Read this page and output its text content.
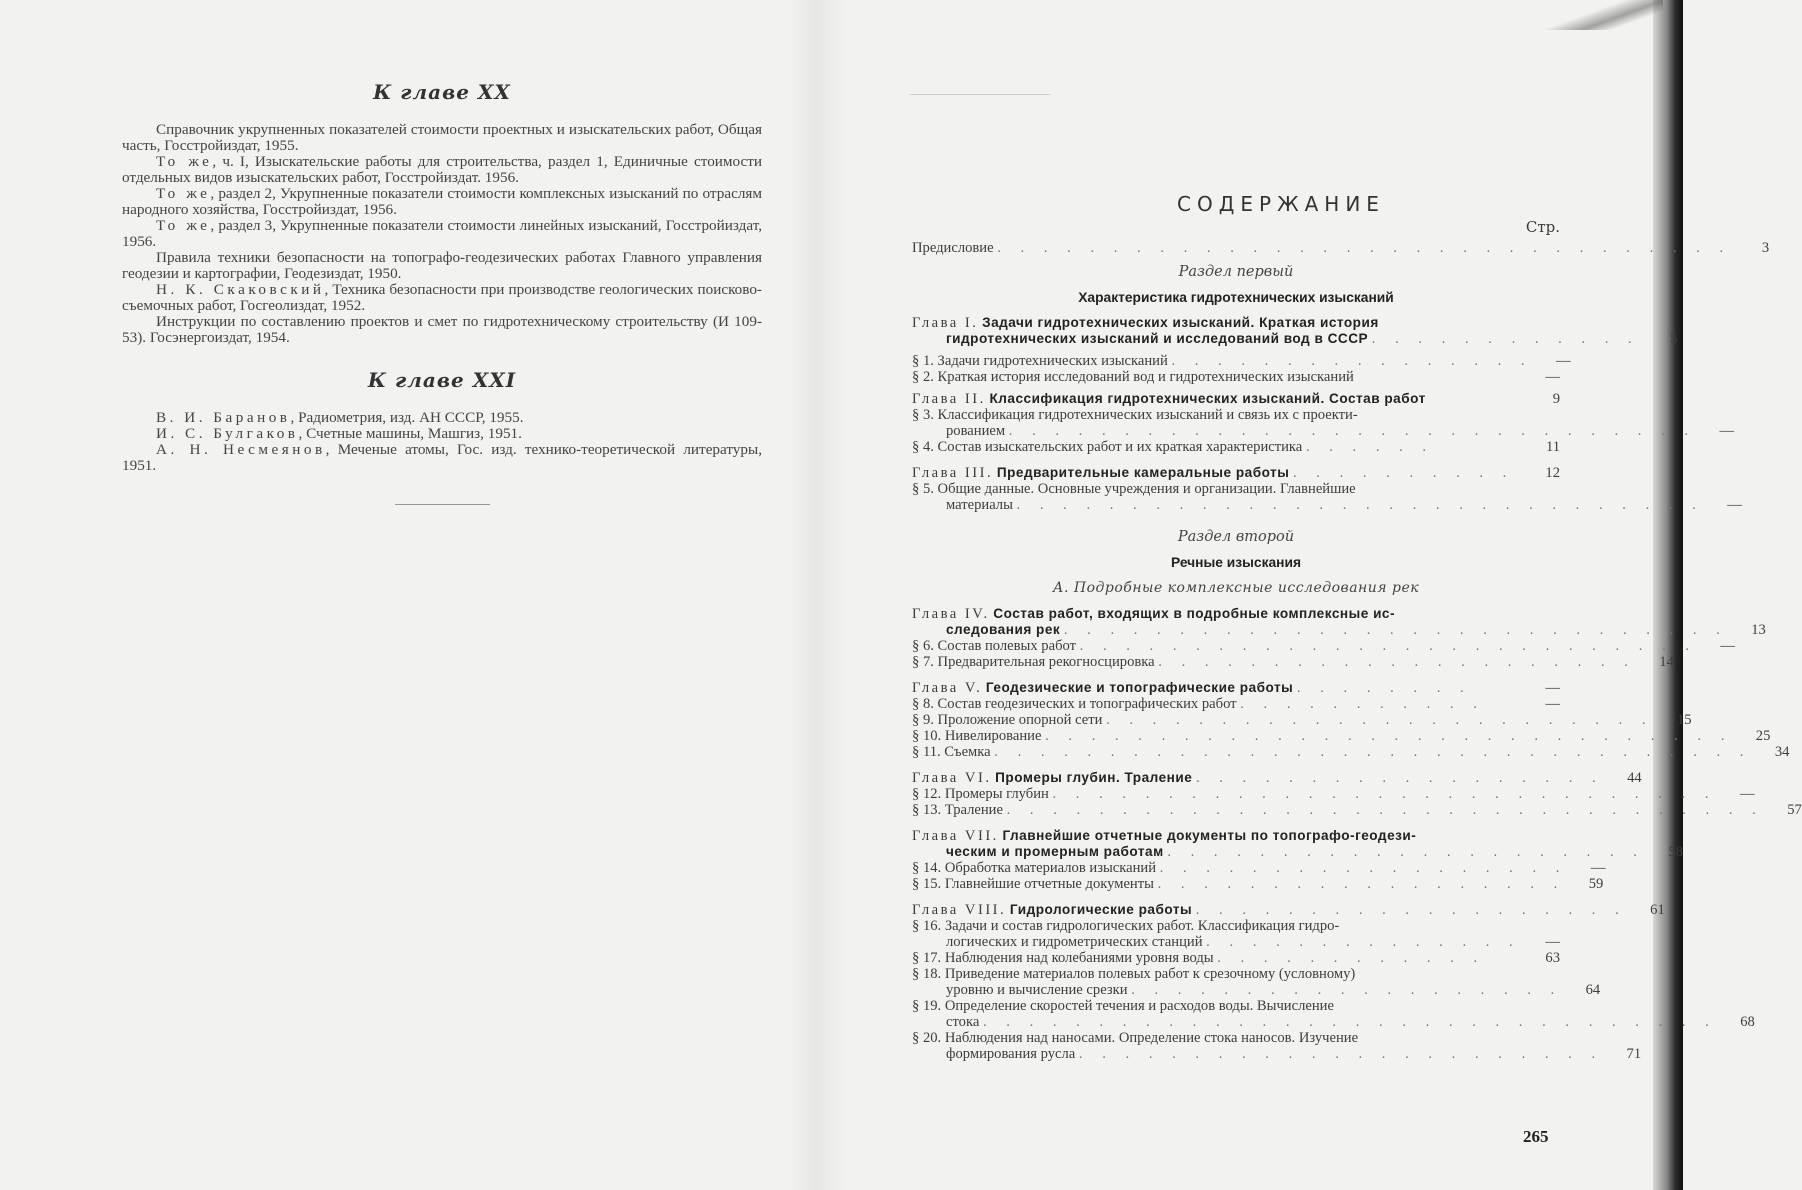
К главе XX

Справочник укрупненных показателей стоимости проектных и изыскательских работ, Общая часть, Госстройиздат, 1955.

То же, ч. I, Изыскательские работы для строительства, раздел 1, Единичные стоимости отдельных видов изыскательских работ, Госстройиздат. 1956.

То же, раздел 2, Укрупненные показатели стоимости комплексных изысканий по отраслям народного хозяйства, Госстройиздат, 1956.

То же, раздел 3, Укрупненные показатели стоимости линейных изысканий, Госстройиздат, 1956.

Правила техники безопасности на топографо-геодезических работах Главного управления геодезии и картографии, Геодезиздат, 1950.

Н. К. Скаковский, Техника безопасности при производстве геологических поисково-съемочных работ, Госгеолиздат, 1952.

Инструкции по составлению проектов и смет по гидротехническому строительству (И 109-53). Госэнергоиздат, 1954.

К главе XXI

В. И. Баранов, Радиометрия, изд. АН СССР, 1955.

И. С. Булгаков, Счетные машины, Машгиз, 1951.

А. Н. Несмеянов, Меченые атомы, Гос. изд. технико-теоретической литературы, 1951.

СОДЕРЖАНИЕ
Стр.
Предисловие . . . . . . . . . . . . . . . . . . . . . . . . . . . . . . . .	3
Раздел первый
Характеристика гидротехнических изысканий
Глава I. Задачи гидротехнических изысканий. Краткая история
гидротехнических изысканий и исследований вод в СССР . . . . . . . . . . . .	5
§ 1. Задачи гидротехнических изысканий . . . . . . . . . . . . . . . .	—
§ 2. Краткая история исследований вод и гидротехнических изысканий	—
Глава II. Классификация гидротехнических изысканий. Состав работ	9
§ 3. Классификация гидротехнических изысканий и связь их с проекти-
рованием . . . . . . . . . . . . . . . . . . . . . . . . . . . . . .	—
§ 4. Состав изыскательских работ и их краткая характеристика . . . . . .	11
Глава III. Предварительные камеральные работы . . . . . . . . . .	12
§ 5. Общие данные. Основные учреждения и организации. Главнейшие
материалы . . . . . . . . . . . . . . . . . . . . . . . . . . . . . .	—
Раздел второй
Речные изыскания
А. Подробные комплексные исследования рек
Глава IV. Состав работ, входящих в подробные комплексные ис-
следования рек . . . . . . . . . . . . . . . . . . . . . . . . . . . . .	13
§ 6. Состав полевых работ . . . . . . . . . . . . . . . . . . . . . . . . . . .	—
§ 7. Предварительная рекогносцировка . . . . . . . . . . . . . . . . . . . . .	14
Глава V. Геодезические и топографические работы . . . . . . . .	—
§ 8. Состав геодезических и топографических работ . . . . . . . . . . .	—
§ 9. Проложение опорной сети . . . . . . . . . . . . . . . . . . . . . . . .	15
§ 10. Нивелирование . . . . . . . . . . . . . . . . . . . . . . . . . . . . . .	25
§ 11. Съемка . . . . . . . . . . . . . . . . . . . . . . . . . . . . . . . . .	34
Глава VI. Промеры глубин. Траление . . . . . . . . . . . . . . . . . .	44
§ 12. Промеры глубин . . . . . . . . . . . . . . . . . . . . . . . . . . . . .	—
§ 13. Траление . . . . . . . . . . . . . . . . . . . . . . . . . . . . . . . . .	57
Глава VII. Главнейшие отчетные документы по топографо-геодези-
ческим и промерным работам . . . . . . . . . . . . . . . . . . . . .	58
§ 14. Обработка материалов изысканий . . . . . . . . . . . . . . . . . .	—
§ 15. Главнейшие отчетные документы . . . . . . . . . . . . . . . . . .	59
Глава VIII. Гидрологические работы . . . . . . . . . . . . . . . . . . .	61
§ 16. Задачи и состав гидрологических работ. Классификация гидро-
логических и гидрометрических станций . . . . . . . . . . . . . .	—
§ 17. Наблюдения над колебаниями уровня воды . . . . . . . . . . . .	63
§ 18. Приведение материалов полевых работ к срезочному (условному)
уровню и вычисление срезки . . . . . . . . . . . . . . . . . . .	64
§ 19. Определение скоростей течения и расходов воды. Вычисление
стока . . . . . . . . . . . . . . . . . . . . . . . . . . . . . . . .	68
§ 20. Наблюдения над наносами. Определение стока наносов. Изучение
формирования русла . . . . . . . . . . . . . . . . . . . . . . .	71
265
